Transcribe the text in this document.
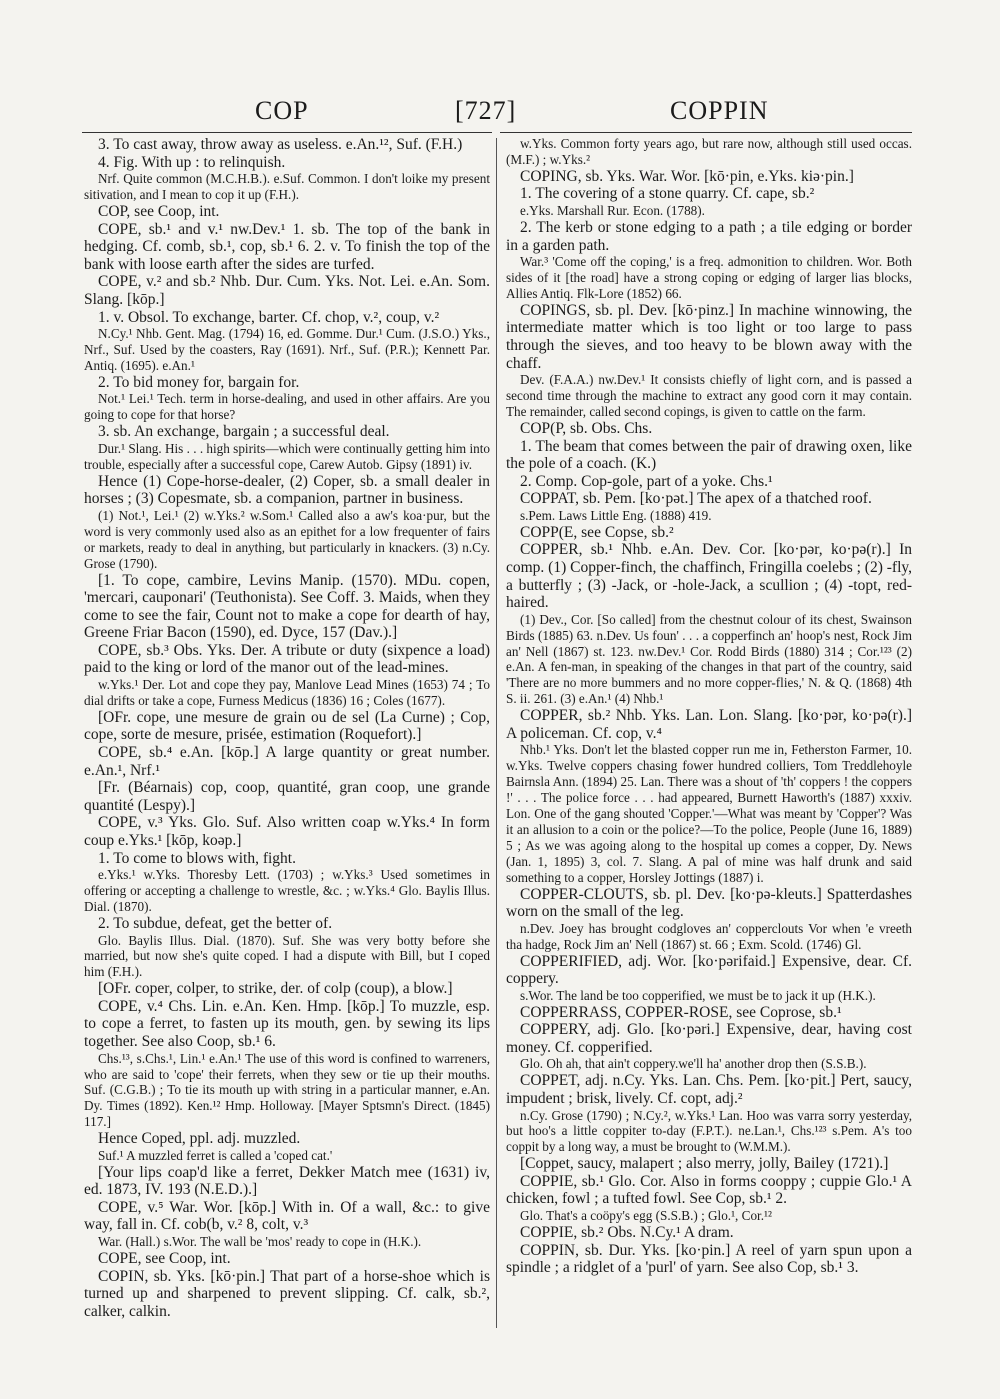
COP	[727]	COPPIN

3. To cast away, throw away as useless. e.An.¹², Suf. (F.H.)

4. Fig. With up : to relinquish.

Nrf. Quite common (M.C.H.B.). e.Suf. Common. I don't loike my present sitivation, and I mean to cop it up (F.H.).

COP, see Coop, int.

COPE, sb.¹ and v.¹ nw.Dev.¹ 1. sb. The top of the bank in hedging. Cf. comb, sb.¹, cop, sb.¹ 6. 2. v. To finish the top of the bank with loose earth after the sides are turfed.

COPE, v.² and sb.² Nhb. Dur. Cum. Yks. Not. Lei. e.An. Som. Slang. [kōp.]

1. v. Obsol. To exchange, barter. Cf. chop, v.², coup, v.²

N.Cy.¹ Nhb. Gent. Mag. (1794) 16, ed. Gomme. Dur.¹ Cum. (J.S.O.) Yks., Nrf., Suf. Used by the coasters, Ray (1691). Nrf., Suf. (P.R.); Kennett Par. Antiq. (1695). e.An.¹

2. To bid money for, bargain for.

Not.¹ Lei.¹ Tech. term in horse-dealing, and used in other affairs. Are you going to cope for that horse?

3. sb. An exchange, bargain ; a successful deal.

Dur.¹ Slang. His . . . high spirits—which were continually getting him into trouble, especially after a successful cope, Carew Autob. Gipsy (1891) iv.

Hence (1) Cope-horse-dealer, (2) Coper, sb. a small dealer in horses ; (3) Copesmate, sb. a companion, partner in business.

(1) Not.¹, Lei.¹ (2) w.Yks.² w.Som.¹ Called also a aw's koa·pur, but the word is very commonly used also as an epithet for a low frequenter of fairs or markets, ready to deal in anything, but particularly in knackers. (3) n.Cy. Grose (1790).

[1. To cope, cambire, Levins Manip. (1570). MDu. copen, 'mercari, cauponari' (Teuthonista). See Coff. 3. Maids, when they come to see the fair, Count not to make a cope for dearth of hay, Greene Friar Bacon (1590), ed. Dyce, 157 (Dav.).]

COPE, sb.³ Obs. Yks. Der. A tribute or duty (sixpence a load) paid to the king or lord of the manor out of the lead-mines.

w.Yks.¹ Der. Lot and cope they pay, Manlove Lead Mines (1653) 74 ; To dial drifts or take a cope, Furness Medicus (1836) 16 ; Coles (1677).

[OFr. cope, une mesure de grain ou de sel (La Curne) ; Cop, cope, sorte de mesure, prisée, estimation (Roquefort).]

COPE, sb.⁴ e.An. [kōp.] A large quantity or great number. e.An.¹, Nrf.¹

[Fr. (Béarnais) cop, coop, quantité, gran coop, une grande quantité (Lespy).]

COPE, v.³ Yks. Glo. Suf. Also written coap w.Yks.⁴ In form coup e.Yks.¹ [kōp, koəp.]

1. To come to blows with, fight.

e.Yks.¹ w.Yks. Thoresby Lett. (1703) ; w.Yks.³ Used sometimes in offering or accepting a challenge to wrestle, &c. ; w.Yks.⁴ Glo. Baylis Illus. Dial. (1870).

2. To subdue, defeat, get the better of.

Glo. Baylis Illus. Dial. (1870). Suf. She was very botty before she married, but now she's quite coped. I had a dispute with Bill, but I coped him (F.H.).

[OFr. coper, colper, to strike, der. of colp (coup), a blow.]

COPE, v.⁴ Chs. Lin. e.An. Ken. Hmp. [kōp.] To muzzle, esp. to cope a ferret, to fasten up its mouth, gen. by sewing its lips together. See also Coop, sb.¹ 6.

Chs.¹³, s.Chs.¹, Lin.¹ e.An.¹ The use of this word is confined to warreners, who are said to 'cope' their ferrets, when they sew or tie up their mouths. Suf. (C.G.B.) ; To tie its mouth up with string in a particular manner, e.An. Dy. Times (1892). Ken.¹² Hmp. Holloway. [Mayer Sptsmn's Direct. (1845) 117.]

Hence Coped, ppl. adj. muzzled.

Suf.¹ A muzzled ferret is called a 'coped cat.'

[Your lips coap'd like a ferret, Dekker Match mee (1631) iv, ed. 1873, IV. 193 (N.E.D.).]

COPE, v.⁵ War. Wor. [kōp.] With in. Of a wall, &c.: to give way, fall in. Cf. cob(b, v.² 8, colt, v.³

War. (Hall.) s.Wor. The wall be 'mos' ready to cope in (H.K.).

COPE, see Coop, int.

COPIN, sb. Yks. [kō·pin.] That part of a horse-shoe which is turned up and sharpened to prevent slipping. Cf. calk, sb.², calker, calkin.

w.Yks. Common forty years ago, but rare now, although still used occas. (M.F.) ; w.Yks.²

COPING, sb. Yks. War. Wor. [kō·pin, e.Yks. kiə·pin.]

1. The covering of a stone quarry. Cf. cape, sb.²

e.Yks. Marshall Rur. Econ. (1788).

2. The kerb or stone edging to a path ; a tile edging or border in a garden path.

War.³ 'Come off the coping,' is a freq. admonition to children. Wor. Both sides of it [the road] have a strong coping or edging of larger lias blocks, Allies Antiq. Flk-Lore (1852) 66.

COPINGS, sb. pl. Dev. [kō·pinz.] In machine winnowing, the intermediate matter which is too light or too large to pass through the sieves, and too heavy to be blown away with the chaff.

Dev. (F.A.A.) nw.Dev.¹ It consists chiefly of light corn, and is passed a second time through the machine to extract any good corn it may contain. The remainder, called second copings, is given to cattle on the farm.

COP(P, sb. Obs. Chs.

1. The beam that comes between the pair of drawing oxen, like the pole of a coach. (K.)

2. Comp. Cop-gole, part of a yoke. Chs.¹

COPPAT, sb. Pem. [ko·pət.] The apex of a thatched roof.

s.Pem. Laws Little Eng. (1888) 419.

COPP(E, see Copse, sb.²

COPPER, sb.¹ Nhb. e.An. Dev. Cor. [ko·pər, ko·pə(r).] In comp. (1) Copper-finch, the chaffinch, Fringilla coelebs ; (2) -fly, a butterfly ; (3) -Jack, or -hole-Jack, a scullion ; (4) -topt, red-haired.

(1) Dev., Cor. [So called] from the chestnut colour of its chest, Swainson Birds (1885) 63. n.Dev. Us foun' . . . a copperfinch an' hoop's nest, Rock Jim an' Nell (1867) st. 123. nw.Dev.¹ Cor. Rodd Birds (1880) 314 ; Cor.¹²³ (2) e.An. A fen-man, in speaking of the changes in that part of the country, said 'There are no more bummers and no more copper-flies,' N. & Q. (1868) 4th S. ii. 261. (3) e.An.¹ (4) Nhb.¹

COPPER, sb.² Nhb. Yks. Lan. Lon. Slang. [ko·pər, ko·pə(r).] A policeman. Cf. cop, v.⁴

Nhb.¹ Yks. Don't let the blasted copper run me in, Fetherston Farmer, 10. w.Yks. Twelve coppers chasing fower hundred colliers, Tom Treddlehoyle Bairnsla Ann. (1894) 25. Lan. There was a shout of 'th' coppers ! the coppers !' . . . The police force . . . had appeared, Burnett Haworth's (1887) xxxiv. Lon. One of the gang shouted 'Copper.'—What was meant by 'Copper'? Was it an allusion to a coin or the police?—To the police, People (June 16, 1889) 5 ; As we was agoing along to the hospital up comes a copper, Dy. News (Jan. 1, 1895) 3, col. 7. Slang. A pal of mine was half drunk and said something to a copper, Horsley Jottings (1887) i.

COPPER-CLOUTS, sb. pl. Dev. [ko·pə-kleuts.] Spatterdashes worn on the small of the leg.

n.Dev. Joey has brought codgloves an' copperclouts Vor when 'e vreeth tha hadge, Rock Jim an' Nell (1867) st. 66 ; Exm. Scold. (1746) Gl.

COPPERIFIED, adj. Wor. [ko·pərifaid.] Expensive, dear. Cf. coppery.

s.Wor. The land be too copperified, we must be to jack it up (H.K.).

COPPERRASS, COPPER-ROSE, see Coprose, sb.¹

COPPERY, adj. Glo. [ko·pəri.] Expensive, dear, having cost money. Cf. copperified.

Glo. Oh ah, that ain't coppery.we'll ha' another drop then (S.S.B.).

COPPET, adj. n.Cy. Yks. Lan. Chs. Pem. [ko·pit.] Pert, saucy, impudent ; brisk, lively. Cf. copt, adj.²

n.Cy. Grose (1790) ; N.Cy.², w.Yks.¹ Lan. Hoo was varra sorry yesterday, but hoo's a little coppiter to-day (F.P.T.). ne.Lan.¹, Chs.¹²³ s.Pem. A's too coppit by a long way, a must be brought to (W.M.M.).

[Coppet, saucy, malapert ; also merry, jolly, Bailey (1721).]

COPPIE, sb.¹ Glo. Cor. Also in forms cooppy ; cuppie Glo.¹ A chicken, fowl ; a tufted fowl. See Cop, sb.¹ 2.

Glo. That's a coöpy's egg (S.S.B.) ; Glo.¹, Cor.¹²

COPPIE, sb.² Obs. N.Cy.¹ A dram.

COPPIN, sb. Dur. Yks. [ko·pin.] A reel of yarn spun upon a spindle ; a ridglet of a 'purl' of yarn. See also Cop, sb.¹ 3.
